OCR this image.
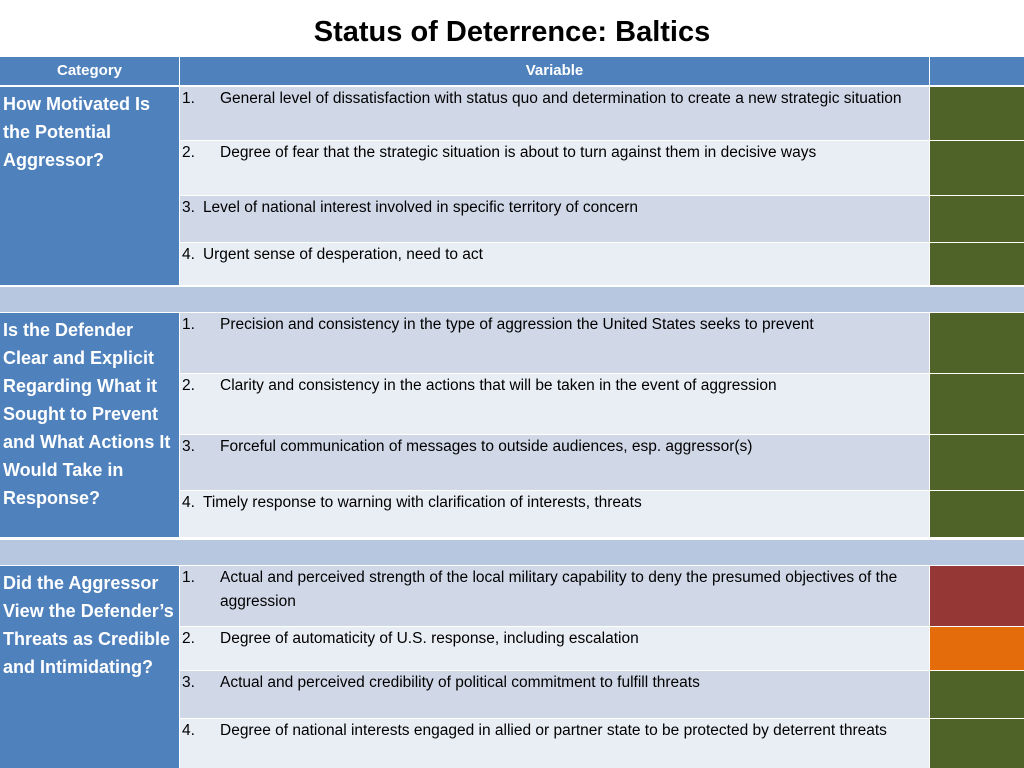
Status of Deterrence: Baltics
Category	Variable
How Motivated Is the Potential Aggressor?
1.	General level of dissatisfaction with status quo and determination to create a new strategic situation
2.	Degree of fear that the strategic situation is about to turn against them in decisive ways
3. Level of national interest involved in specific territory of concern
4. Urgent sense of desperation, need to act
Is the Defender Clear and Explicit Regarding What it Sought to Prevent and What Actions It Would Take in Response?
1.	Precision and consistency in the type of aggression the United States seeks to prevent
2.	Clarity and consistency in the actions that will be taken in the event of aggression
3.	Forceful communication of messages to outside audiences, esp. aggressor(s)
4. Timely response to warning with clarification of interests, threats
Did the Aggressor View the Defender’s Threats as Credible and Intimidating?
1.	Actual and perceived strength of the local military capability to deny the presumed objectives of the aggression
2.	Degree of automaticity of U.S. response, including escalation
3.	Actual and perceived credibility of political commitment to fulfill threats
4.	Degree of national interests engaged in allied or partner state to be protected by deterrent threats
